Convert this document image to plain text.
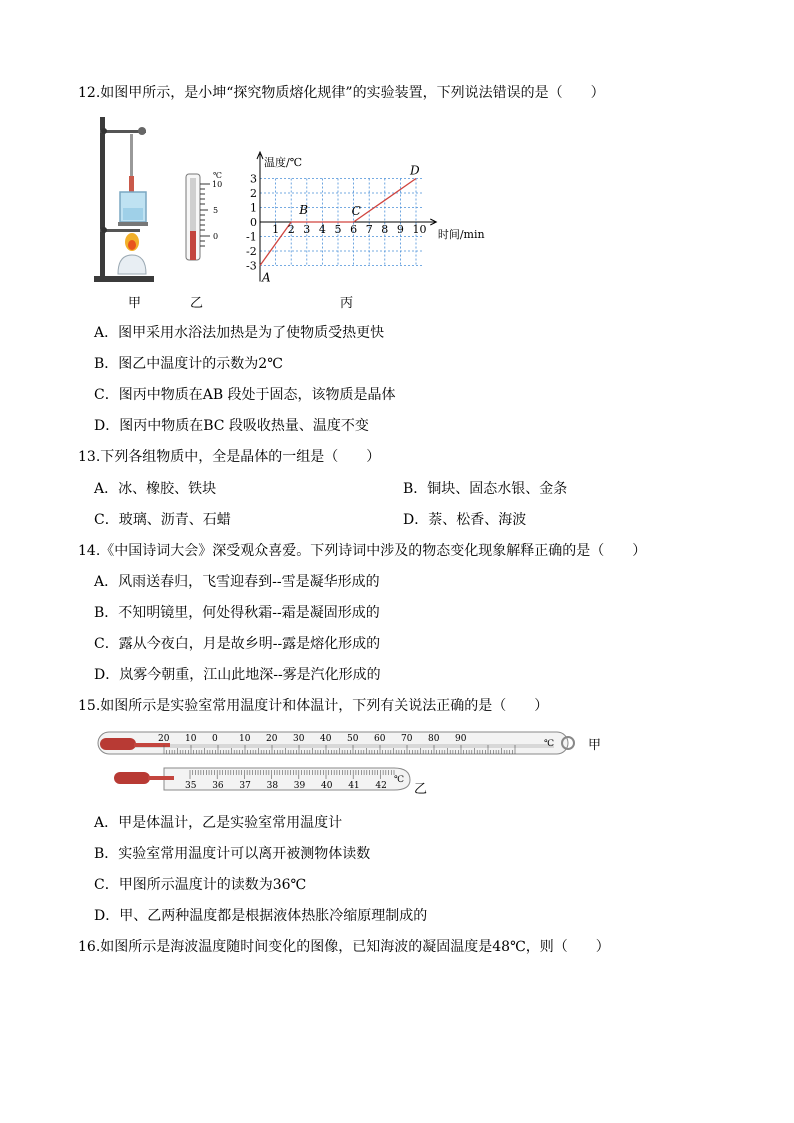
12.如图甲所示，是小坤“探究物质熔化规律”的实验装置，下列说法错误的是（　　）
℃
10
5
0
温度/℃
时间/min
1 2 3 4 5 6 7 8 9 10
-3
-2
-1
0
1
2
3
A
B	C
D
甲	乙	丙
A．图甲采用水浴法加热是为了使物质受热更快
B．图乙中温度计的示数为2℃
C．图丙中物质在AB 段处于固态，该物质是晶体
D．图丙中物质在BC 段吸收热量、温度不变
13.下列各组物质中，全是晶体的一组是（　　）
A．冰、橡胶、铁块	B．铜块、固态水银、金条
C．玻璃、沥青、石蜡	D．萘、松香、海波
14.《中国诗词大会》深受观众喜爱。下列诗词中涉及的物态变化现象解释正确的是（　　）
A．风雨送春归，飞雪迎春到--雪是凝华形成的
B．不知明镜里，何处得秋霜--霜是凝固形成的
C．露从今夜白，月是故乡明--露是熔化形成的
D．岚雾今朝重，江山此地深--雾是汽化形成的
15.如图所示是实验室常用温度计和体温计，下列有关说法正确的是（　　）
20 10 0 10 20 30 40 50 60 70 80 90	℃
35 36 37 38 39 40 41 42
℃
甲
乙
A．甲是体温计，乙是实验室常用温度计
B．实验室常用温度计可以离开被测物体读数
C．甲图所示温度计的读数为36℃
D．甲、乙两种温度都是根据液体热胀冷缩原理制成的
16.如图所示是海波温度随时间变化的图像，已知海波的凝固温度是48℃，则（　　）
